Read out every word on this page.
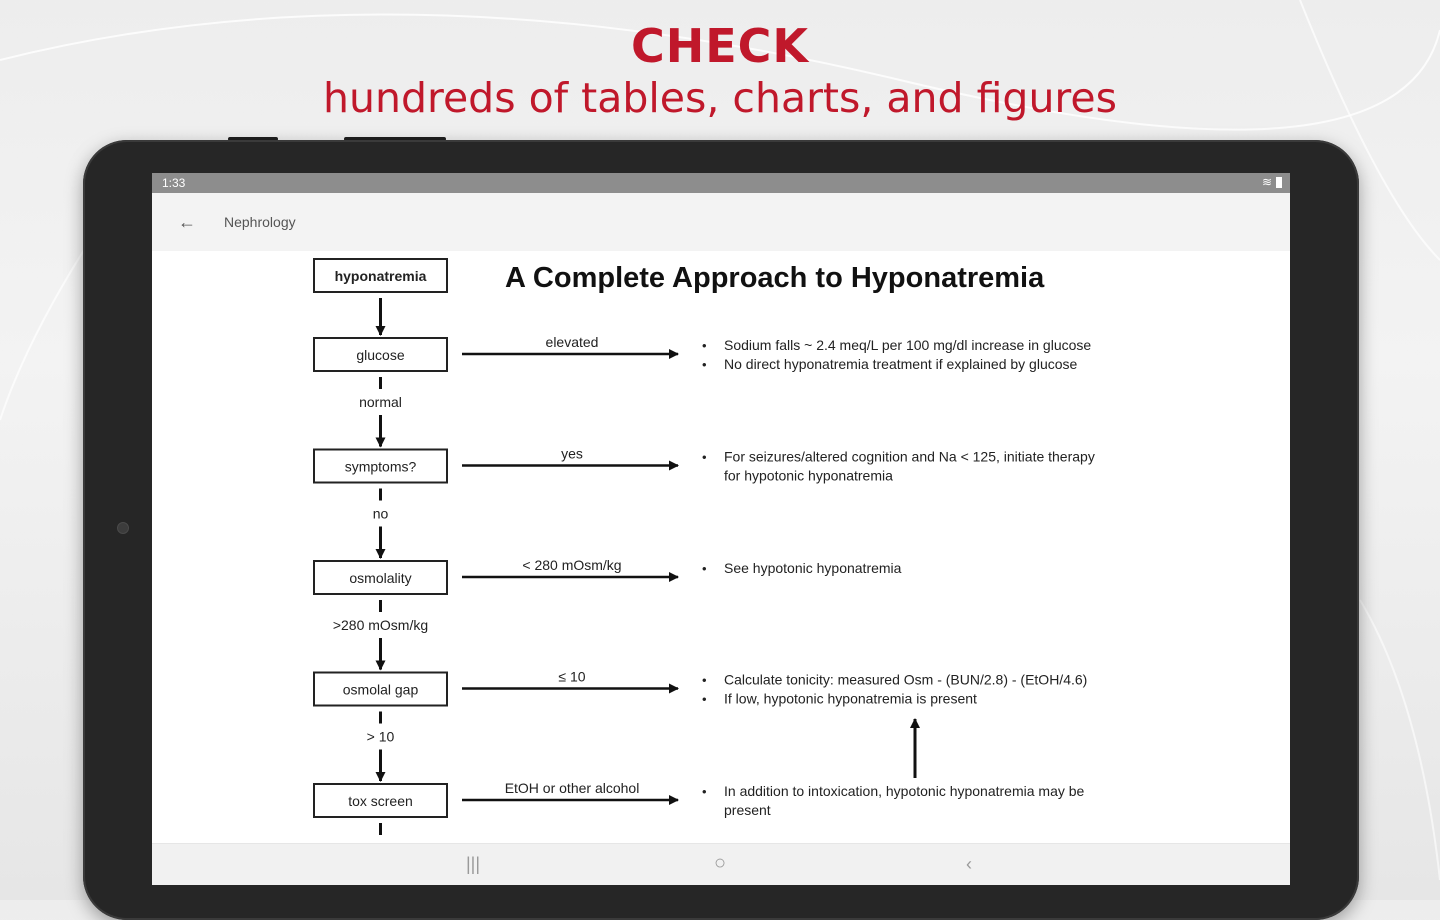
CHECK
hundreds of tables, charts, and figures
1:33	≋
← Nephrology
A Complete Approach to Hyponatremia
hyponatremia
glucose
elevated	• Sodium falls ~ 2.4 meq/L per 100 mg/dl increase in glucose
• No direct hyponatremia treatment if explained by glucose
symptoms?
normal
yes	• For seizures/altered cognition and Na < 125, initiate therapy
for hypotonic hyponatremia
osmolality
no
< 280 mOsm/kg	• See hypotonic hyponatremia
osmolal gap
>280 mOsm/kg
≤ 10	• Calculate tonicity: measured Osm - (BUN/2.8) - (EtOH/4.6)
• If low, hypotonic hyponatremia is present
tox screen
> 10
EtOH or other alcohol	• In addition to intoxication, hypotonic hyponatremia may be
present
|||	○	‹
